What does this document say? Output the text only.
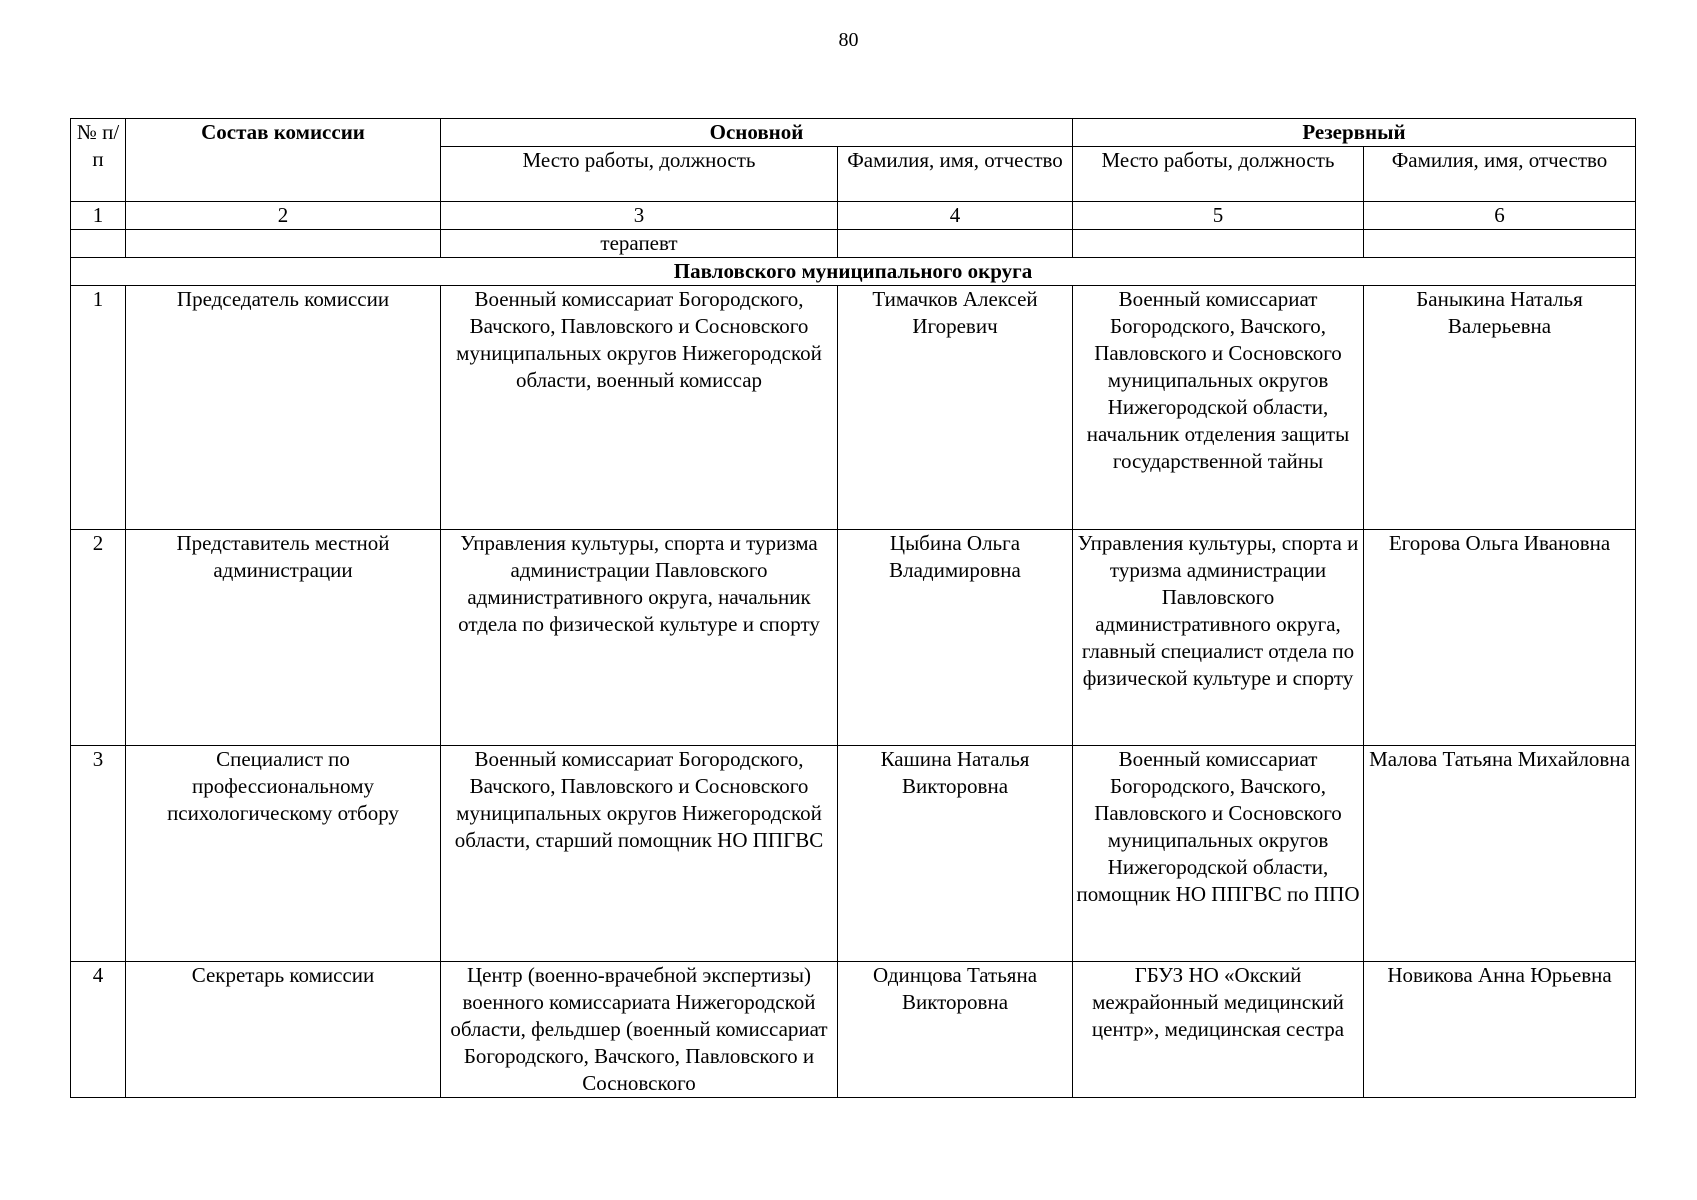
80
№ п/п	Состав комиссии	Основной		Резервный	
		Место работы, должность	Фамилия, имя, отчество	Место работы, должность	Фамилия, имя, отчество
1	2	3	4	5	6
		терапевт			
Павловского муниципального округа					
1	Председатель комиссии	Военный комиссариат Богородского, Вачского, Павловского и Сосновского муниципальных округов Нижегородской области, военный комиссар	Тимачков Алексей Игоревич	Военный комиссариат Богородского, Вачского, Павловского и Сосновского муниципальных округов Нижегородской области, начальник отделения защиты государственной тайны	Баныкина Наталья Валерьевна
2	Представитель местной администрации	Управления культуры, спорта и туризма администрации Павловского административного округа, начальник отдела по физической культуре и спорту	Цыбина Ольга Владимировна	Управления культуры, спорта и туризма администрации Павловского административного округа, главный специалист отдела по физической культуре и спорту	Егорова Ольга Ивановна
3	Специалист по профессиональному психологическому отбору	Военный комиссариат Богородского, Вачского, Павловского и Сосновского муниципальных округов Нижегородской области, старший помощник НО ППГВС	Кашина Наталья Викторовна	Военный комиссариат Богородского, Вачского, Павловского и Сосновского муниципальных округов Нижегородской области, помощник НО ППГВС по ППО	Малова Татьяна Михайловна
4	Секретарь комиссии	Центр (военно-врачебной экспертизы) военного комиссариата Нижегородской области, фельдшер (военный комиссариат Богородского, Вачского, Павловского и Сосновского	Одинцова Татьяна Викторовна	ГБУЗ НО «Окский межрайонный медицинский центр», медицинская сестра	Новикова Анна Юрьевна
